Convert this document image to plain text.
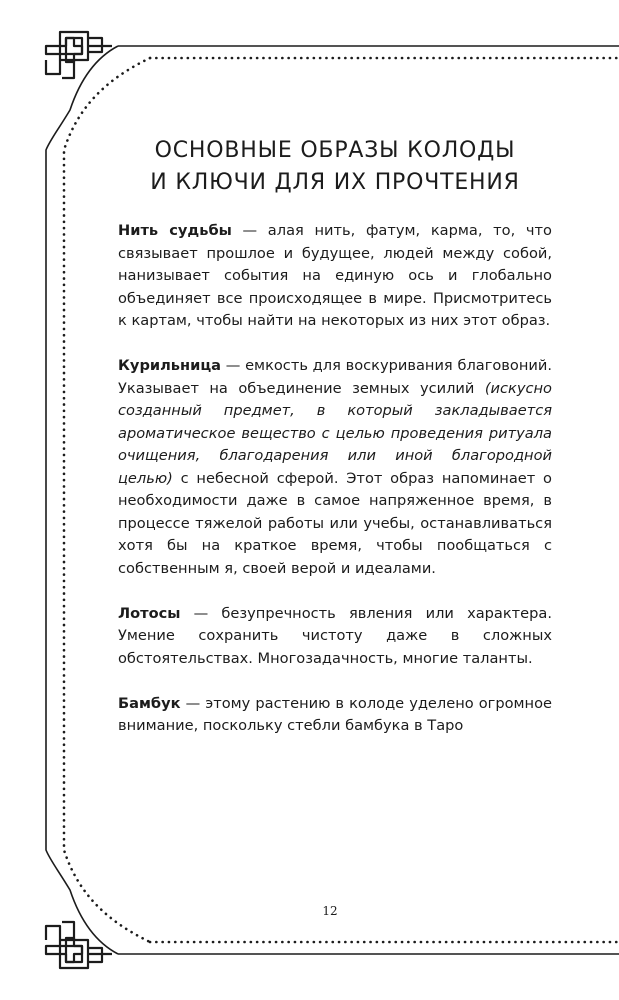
ОСНОВНЫЕ ОБРАЗЫ КОЛОДЫ
И КЛЮЧИ ДЛЯ ИХ ПРОЧТЕНИЯ

Нить судьбы — алая нить, фатум, карма, то, что связывает прошлое и будущее, людей между собой, нанизывает события на единую ось и глобально объединяет все происходящее в мире. Присмотритесь к картам, чтобы найти на некоторых из них этот образ.

Курильница — емкость для воскуривания благовоний. Указывает на объединение земных усилий (искусно созданный предмет, в который закладывается ароматическое вещество с целью проведения ритуала очищения, благодарения или иной благородной целью) с небесной сферой. Этот образ напоминает о необходимости даже в самое напряженное время, в процессе тяжелой работы или учебы, останавливаться хотя бы на краткое время, чтобы пообщаться с собственным я, своей верой и идеалами.

Лотосы — безупречность явления или характера. Умение сохранить чистоту даже в сложных обстоятельствах. Многозадачность, многие таланты.

Бамбук — этому растению в колоде уделено огромное внимание, поскольку стебли бамбука в Таро

12
